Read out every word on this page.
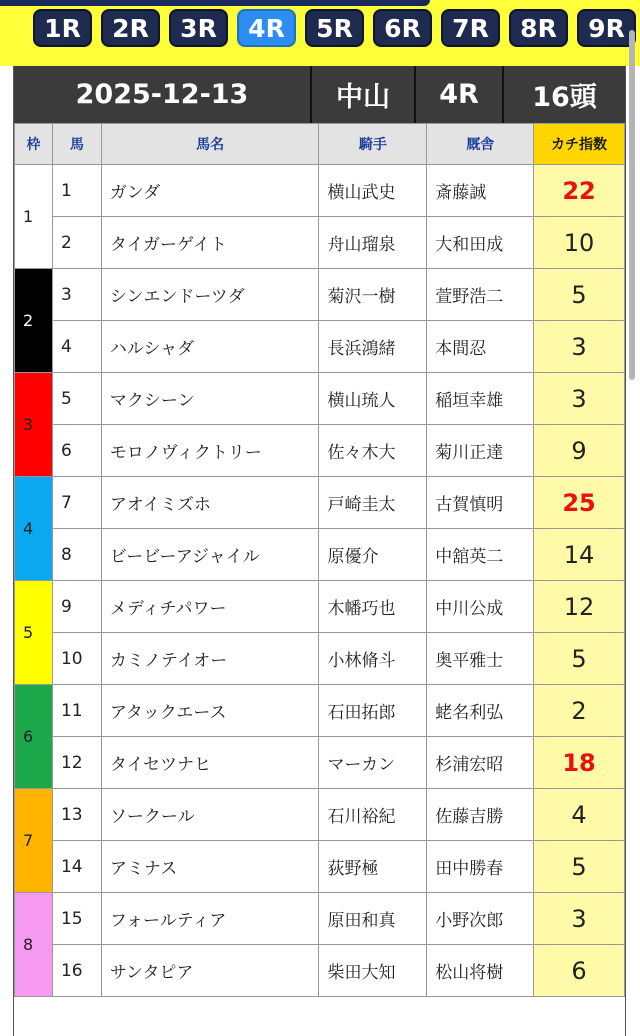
1R	2R	3R	4R	5R	6R	7R	8R	9R
2025-12-13	中山	4R	16頭
枠	馬	馬名	騎手	厩舎	カチ指数
1	1	ガンダ	横山武史	斎藤誠	22
	2	タイガーゲイト	舟山瑠泉	大和田成	10
2	3	シンエンドーツダ	菊沢一樹	萱野浩二	5
	4	ハルシャダ	長浜鴻緒	本間忍	3
3	5	マクシーン	横山琉人	稲垣幸雄	3
	6	モロノヴィクトリー	佐々木大	菊川正達	9
4	7	アオイミズホ	戸崎圭太	古賀慎明	25
	8	ビービーアジャイル	原優介	中舘英二	14
5	9	メディチパワー	木幡巧也	中川公成	12
	10	カミノテイオー	小林脩斗	奥平雅士	5
6	11	アタックエース	石田拓郎	蛯名利弘	2
	12	タイセツナヒ	マーカン	杉浦宏昭	18
7	13	ソークール	石川裕紀	佐藤吉勝	4
	14	アミナス	荻野極	田中勝春	5
8	15	フォールティア	原田和真	小野次郎	3
	16	サンタピア	柴田大知	松山将樹	6
